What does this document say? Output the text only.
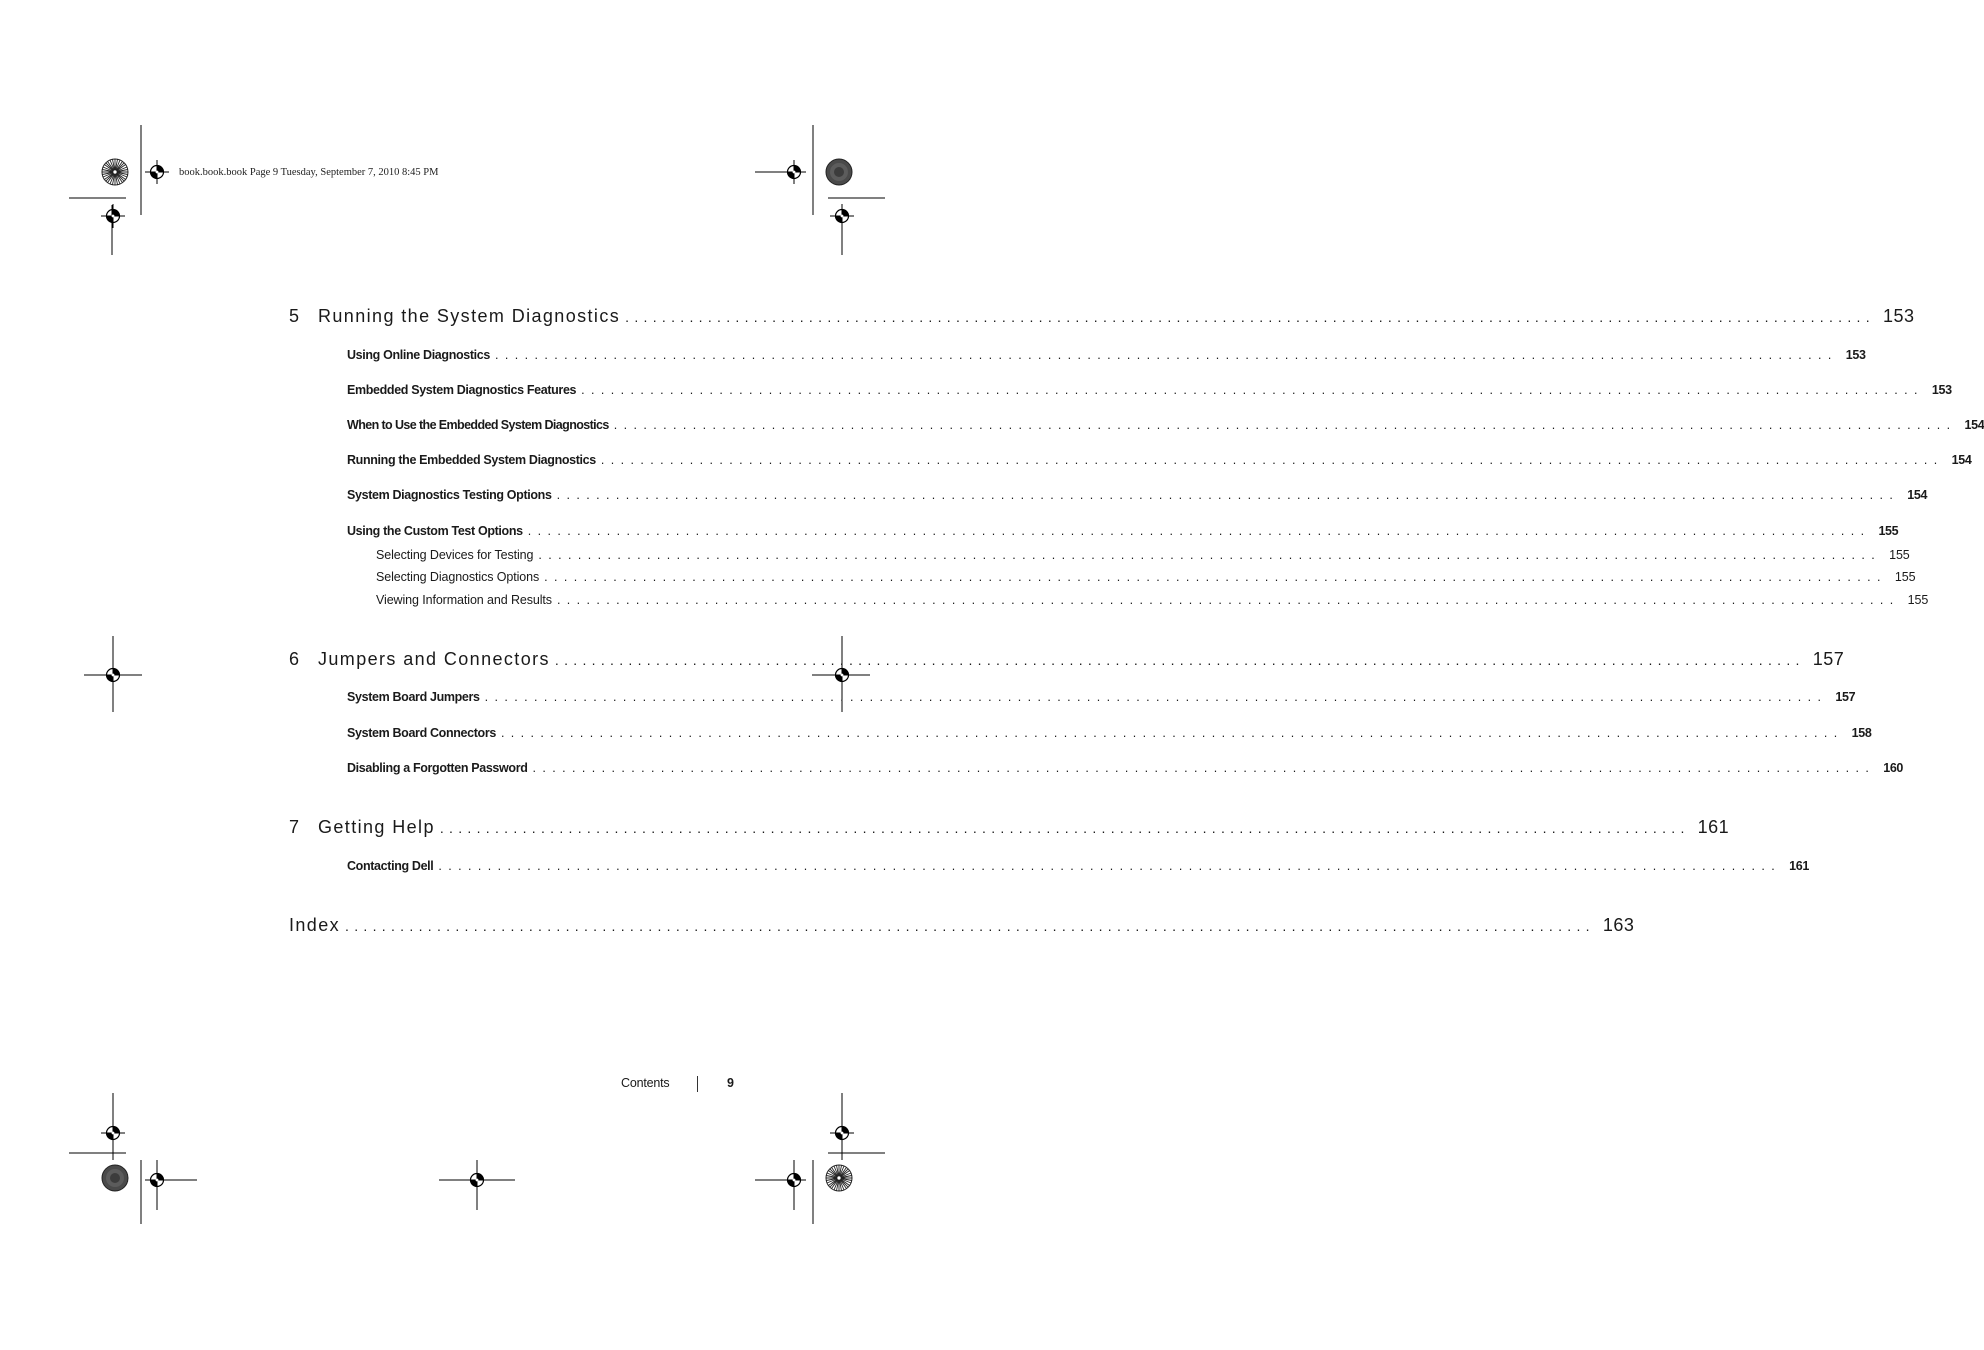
book.book.book Page 9 Tuesday, September 7, 2010 8:45 PM
5 Running the System Diagnostics ........................................................................................................................................ 153
Using Online Diagnostics ........................................................................................................................................ 153
Embedded System Diagnostics Features ........................................................................................................................................ 153
When to Use the Embedded System Diagnostics ........................................................................................................................................ 154
Running the Embedded System Diagnostics ........................................................................................................................................ 154
System Diagnostics Testing Options ........................................................................................................................................ 154
Using the Custom Test Options ........................................................................................................................................ 155
Selecting Devices for Testing ........................................................................................................................................ 155
Selecting Diagnostics Options ........................................................................................................................................ 155
Viewing Information and Results ........................................................................................................................................ 155
6 Jumpers and Connectors ........................................................................................................................................ 157
System Board Jumpers ........................................................................................................................................ 157
System Board Connectors ........................................................................................................................................ 158
Disabling a Forgotten Password ........................................................................................................................................ 160
7 Getting Help ........................................................................................................................................ 161
Contacting Dell ........................................................................................................................................ 161
Index ........................................................................................................................................ 163
Contents	9
